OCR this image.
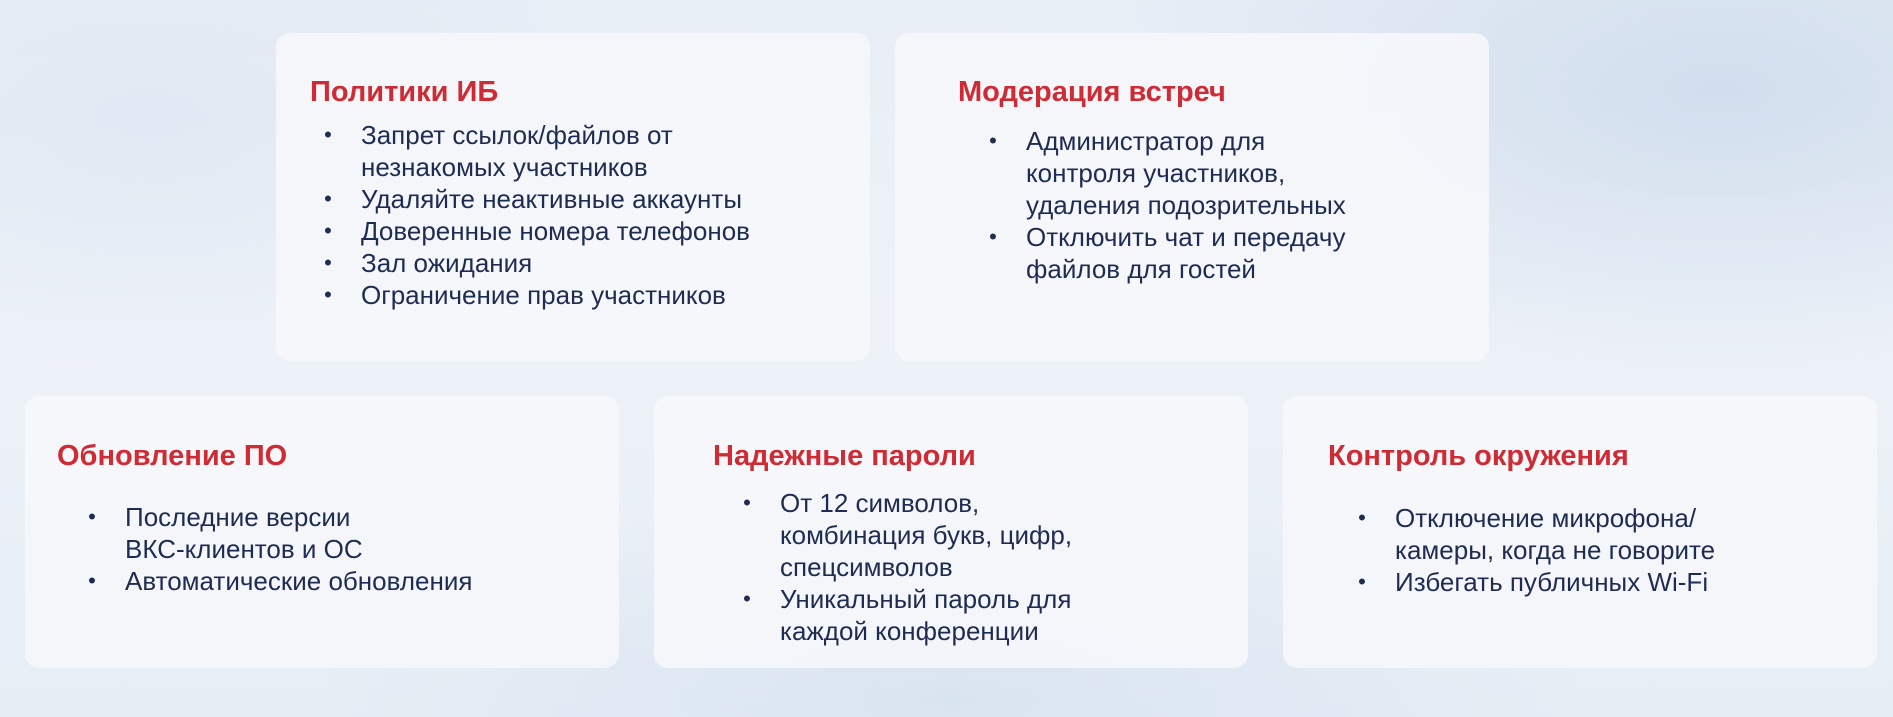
Политики ИБ
• Запрет ссылок/файлов от незнакомых участников
• Удаляйте неактивные аккаунты
• Доверенные номера телефонов
• Зал ожидания
• Ограничение прав участников
Модерация встреч
• Администратор для контроля участников, удаления подозрительных
• Отключить чат и передачу файлов для гостей
Обновление ПО
• Последние версии ВКС-клиентов и ОС
• Автоматические обновления
Надежные пароли
• От 12 символов, комбинация букв, цифр, спецсимволов
• Уникальный пароль для каждой конференции
Контроль окружения
• Отключение микрофона/камеры, когда не говорите
• Избегать публичных Wi-Fi
